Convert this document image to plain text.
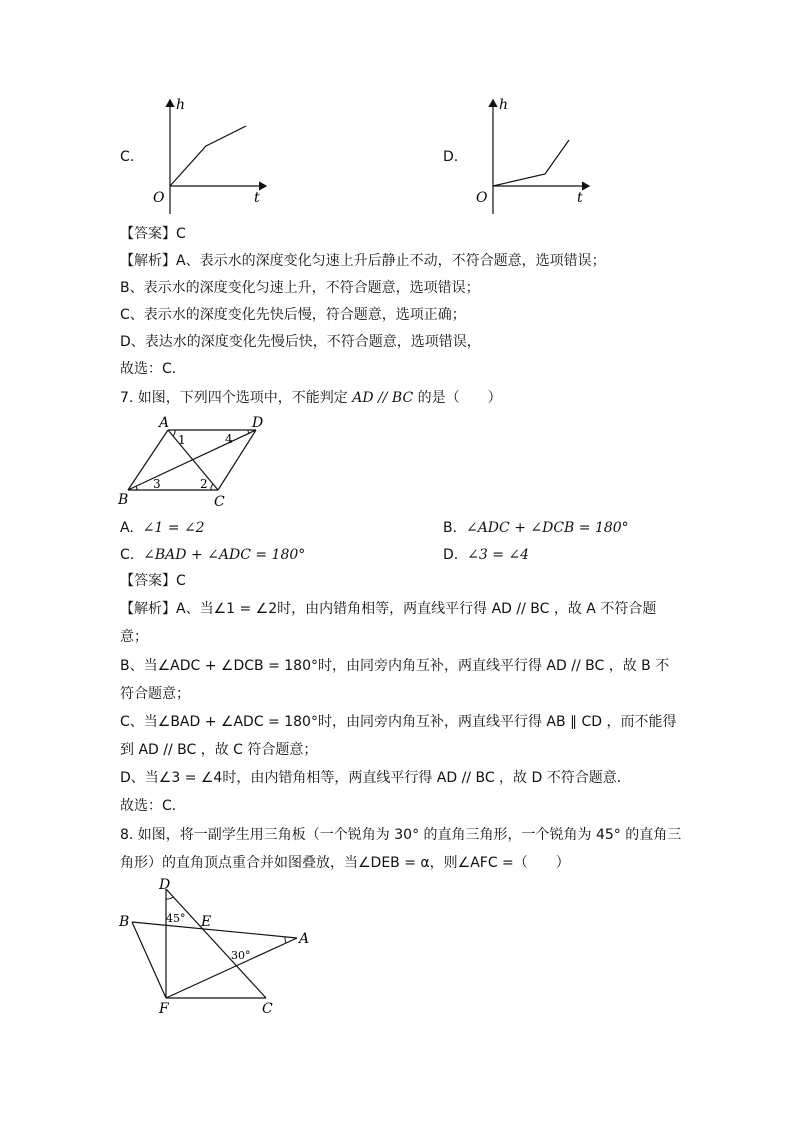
C.
h
O	t
D.
h
O	t
【答案】C
【解析】A、表示水的深度变化匀速上升后静止不动，不符合题意，选项错误；
B、表示水的深度变化匀速上升，不符合题意，选项错误；
C、表示水的深度变化先快后慢，符合题意，选项正确；
D、表达水的深度变化先慢后快，不符合题意，选项错误，
故选：C．
7. 如图，下列四个选项中，不能判定 AD // BC 的是（　　）
A	D
B	C
1	4
3	2
A. ∠1 = ∠2	B. ∠ADC + ∠DCB = 180°
C. ∠BAD + ∠ADC = 180°	D. ∠3 = ∠4
【答案】C
【解析】A、当∠1 = ∠2时，由内错角相等，两直线平行得 AD // BC ，故 A 不符合题
意；
B、当∠ADC + ∠DCB = 180°时，由同旁内角互补，两直线平行得 AD // BC ，故 B 不
符合题意；
C、当∠BAD + ∠ADC = 180°时，由同旁内角互补，两直线平行得 AB ∥ CD ，而不能得
到 AD // BC ，故 C 符合题意；
D、当∠3 = ∠4时，由内错角相等，两直线平行得 AD // BC ，故 D 不符合题意．
故选：C．
8. 如图，将一副学生用三角板（一个锐角为 30° 的直角三角形，一个锐角为 45° 的直角三
角形）的直角顶点重合并如图叠放，当∠DEB = α，则∠AFC =（　　）
D
B	E
A
F	C
45°
30°
